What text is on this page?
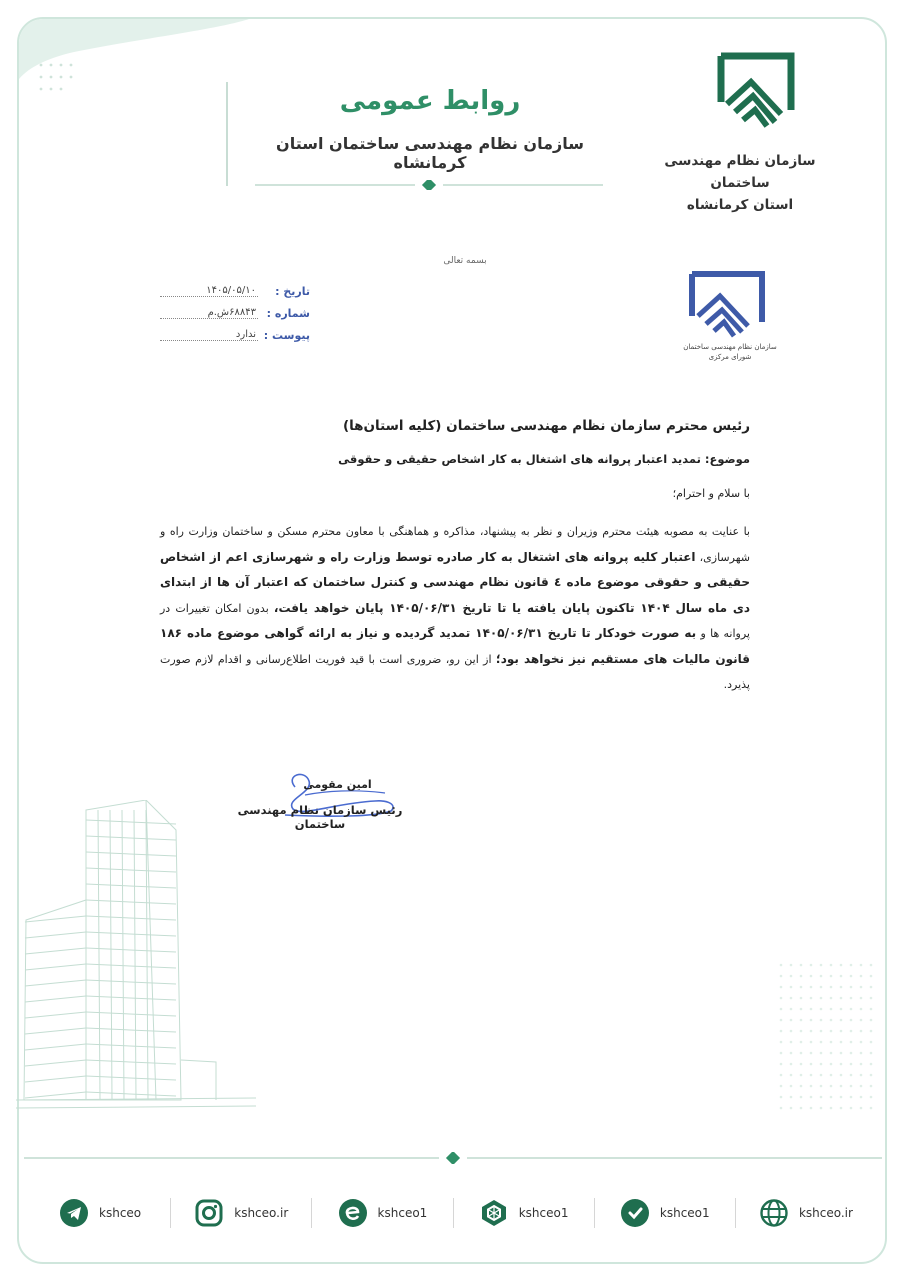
روابط عمومی
سازمان نظام مهندسی ساختمان استان کرمانشاه	سازمان نظام مهندسی ساختمان
استان کرمانشاه
بسمه تعالی
سازمان نظام مهندسی ساختمان
شورای مرکزی
تاریخ :
۱۴۰۵/۰۵/۱۰
شماره :
۶۸۸۴۳ش.م
پیوست :
ندارد
رئیس محترم سازمان نظام مهندسی ساختمان (کلیه استان‌ها)
موضوع: تمدید اعتبار پروانه های اشتغال به کار اشخاص حقیقی و حقوقی
با سلام و احترام؛
با عنایت به مصوبه هیئت محترم وزیران و نظر به پیشنهاد، مذاکره و هماهنگی با معاون محترم مسکن و ساختمان وزارت راه و شهرسازی، اعتبار کلیه پروانه های اشتغال به کار صادره توسط وزارت راه و شهرسازی اعم از اشخاص حقیقی و حقوقی موضوع ماده ٤ قانون نظام مهندسی و کنترل ساختمان که اعتبار آن ها از ابتدای دی ماه سال ۱۴۰۴ تاکنون پایان یافته یا تا تاریخ ۱۴۰۵/۰۶/۳۱ پایان خواهد یافت، بدون امکان تغییرات در پروانه ها و به صورت خودکار تا تاریخ ۱۴۰۵/۰۶/۳۱ تمدید گردیده و نیاز به ارائه گواهی موضوع ماده ۱۸۶ قانون مالیات های مستقیم نیز نخواهد بود؛ از این رو، ضروری است با قید فوریت اطلاع‌رسانی و اقدام لازم صورت پذیرد.
امین مقومی
رئیس سازمان نظام مهندسی ساختمان
kshceo	kshceo.ir	kshceo1	kshceo1	kshceo1	kshceo.ir
